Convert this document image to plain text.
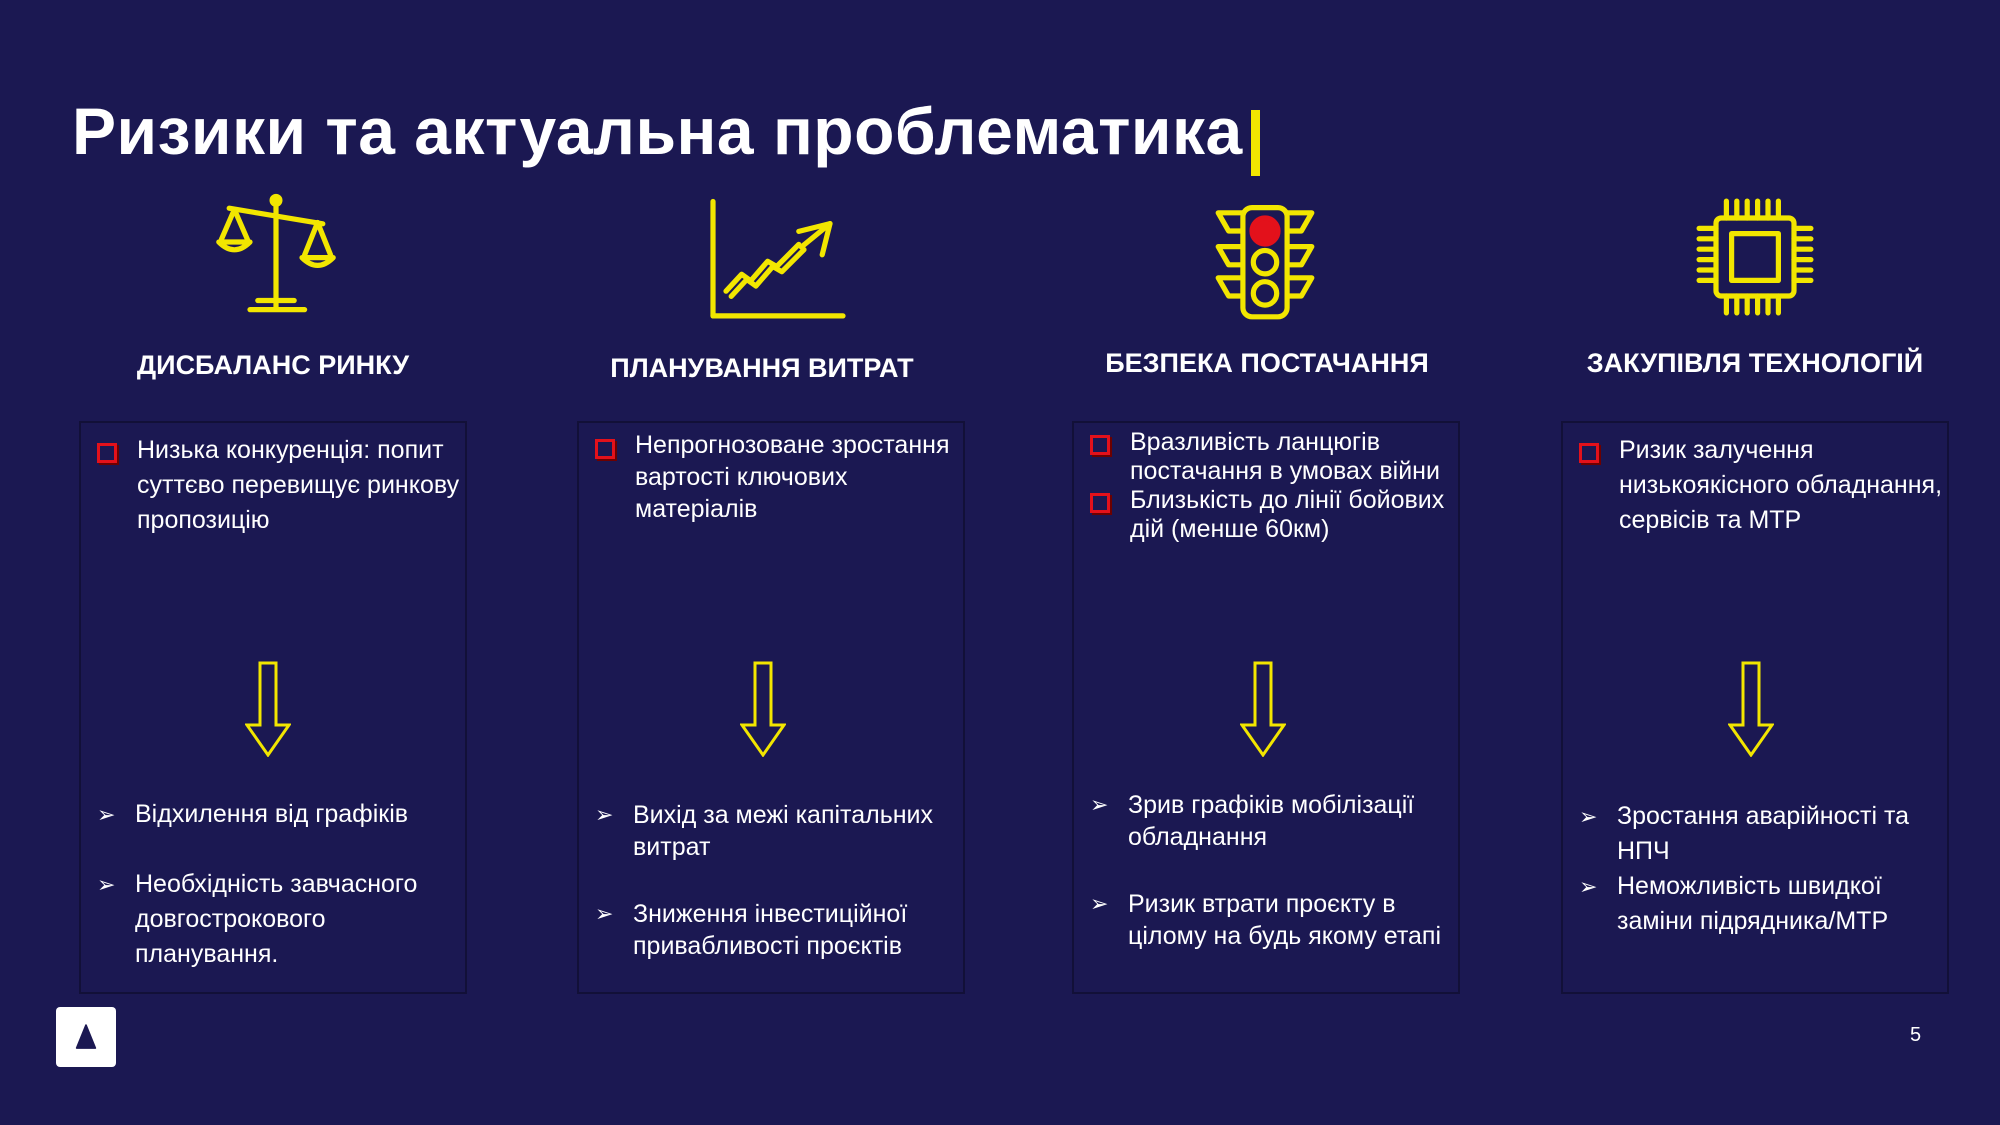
Ризики та актуальна проблематика
ДИСБАЛАНС РИНКУ
Низька конкуренція: попит суттєво перевищує ринкову пропозицію
➢ Відхилення від графіків
➢ Необхідність завчасного довгострокового планування.
ПЛАНУВАННЯ ВИТРАТ
Непрогнозоване зростання вартості ключових матеріалів
➢ Вихід за межі капітальних витрат
➢ Зниження інвестиційної привабливості проєктів
БЕЗПЕКА ПОСТАЧАННЯ
Вразливість ланцюгів постачання в умовах війни
Близькість до лінії бойових дій (менше 60км)
➢ Зрив графіків мобілізації обладнання
➢ Ризик втрати проєкту в цілому на будь якому етапі
ЗАКУПІВЛЯ ТЕХНОЛОГІЙ
Ризик залучення низькоякісного обладнання, сервісів та МТР
➢ Зростання аварійності та НПЧ
➢ Неможливість швидкої заміни підрядника/МТР
5
